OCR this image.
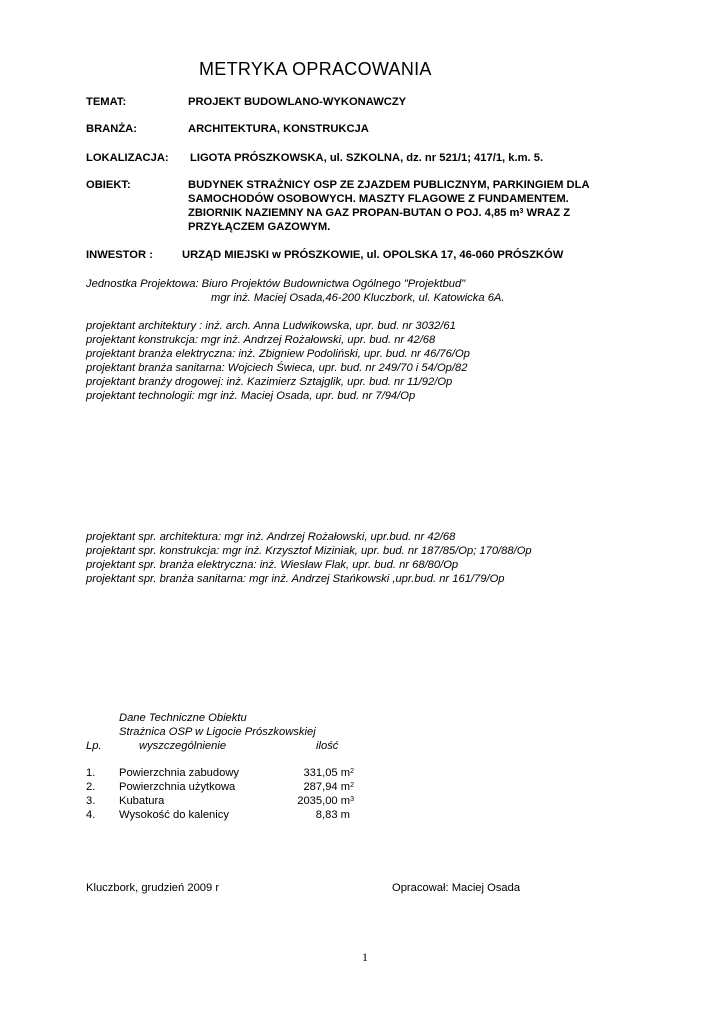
METRYKA OPRACOWANIA
TEMAT:	PROJEKT BUDOWLANO-WYKONAWCZY
BRANŻA:	ARCHITEKTURA, KONSTRUKCJA
LOKALIZACJA: LIGOTA PRÓSZKOWSKA, ul. SZKOLNA, dz. nr 521/1; 417/1, k.m. 5.
OBIEKT:	BUDYNEK STRAŻNICY OSP ZE ZJAZDEM PUBLICZNYM, PARKINGIEM DLA
SAMOCHODÓW OSOBOWYCH. MASZTY FLAGOWE Z FUNDAMENTEM.
ZBIORNIK NAZIEMNY NA GAZ PROPAN-BUTAN O POJ. 4,85 $m^3$ WRAZ Z
PRZYŁĄCZEM GAZOWYM.
INWESTOR :	URZĄD MIEJSKI w PRÓSZKOWIE, ul. OPOLSKA 17, 46-060 PRÓSZKÓW
Jednostka Projektowa: Biuro Projektów Budownictwa Ogólnego "Projektbud"
mgr inż. Maciej Osada,46-200 Kluczbork, ul. Katowicka 6A.
projektant architektury : inż. arch. Anna Ludwikowska, upr. bud. nr 3032/61
projektant konstrukcja: mgr inż. Andrzej Rożałowski, upr. bud. nr 42/68
projektant branża elektryczna: inż. Zbigniew Podoliński, upr. bud. nr 46/76/Op
projektant branża sanitarna: Wojciech Świeca, upr. bud. nr 249/70 i 54/Op/82
projektant branży drogowej: inż. Kazimierz Sztajglik, upr. bud. nr 11/92/Op
projektant technologii: mgr inż. Maciej Osada, upr. bud. nr 7/94/Op
projektant spr. architektura: mgr inż. Andrzej Rożałowski, upr.bud. nr 42/68
projektant spr. konstrukcja: mgr inż. Krzysztof Miziniak, upr. bud. nr 187/85/Op; 170/88/Op
projektant spr. branża elektryczna: inż. Wiesław Flak, upr. bud. nr 68/80/Op
projektant spr. branża sanitarna: mgr inż. Andrzej Stańkowski ,upr.bud. nr 161/79/Op
Dane Techniczne Obiektu
Strażnica OSP w Ligocie Prószkowskiej
Lp.	wyszczególnienie	ilość
1. Powierzchnia zabudowy	331,05 $m^2$
2. Powierzchnia użytkowa	287,94 $m^2$
3. Kubatura	2035,00 $m^3$
4. Wysokość do kalenicy	8,83 m
Kluczbork, grudzień 2009 r	Opracował: Maciej Osada
1
